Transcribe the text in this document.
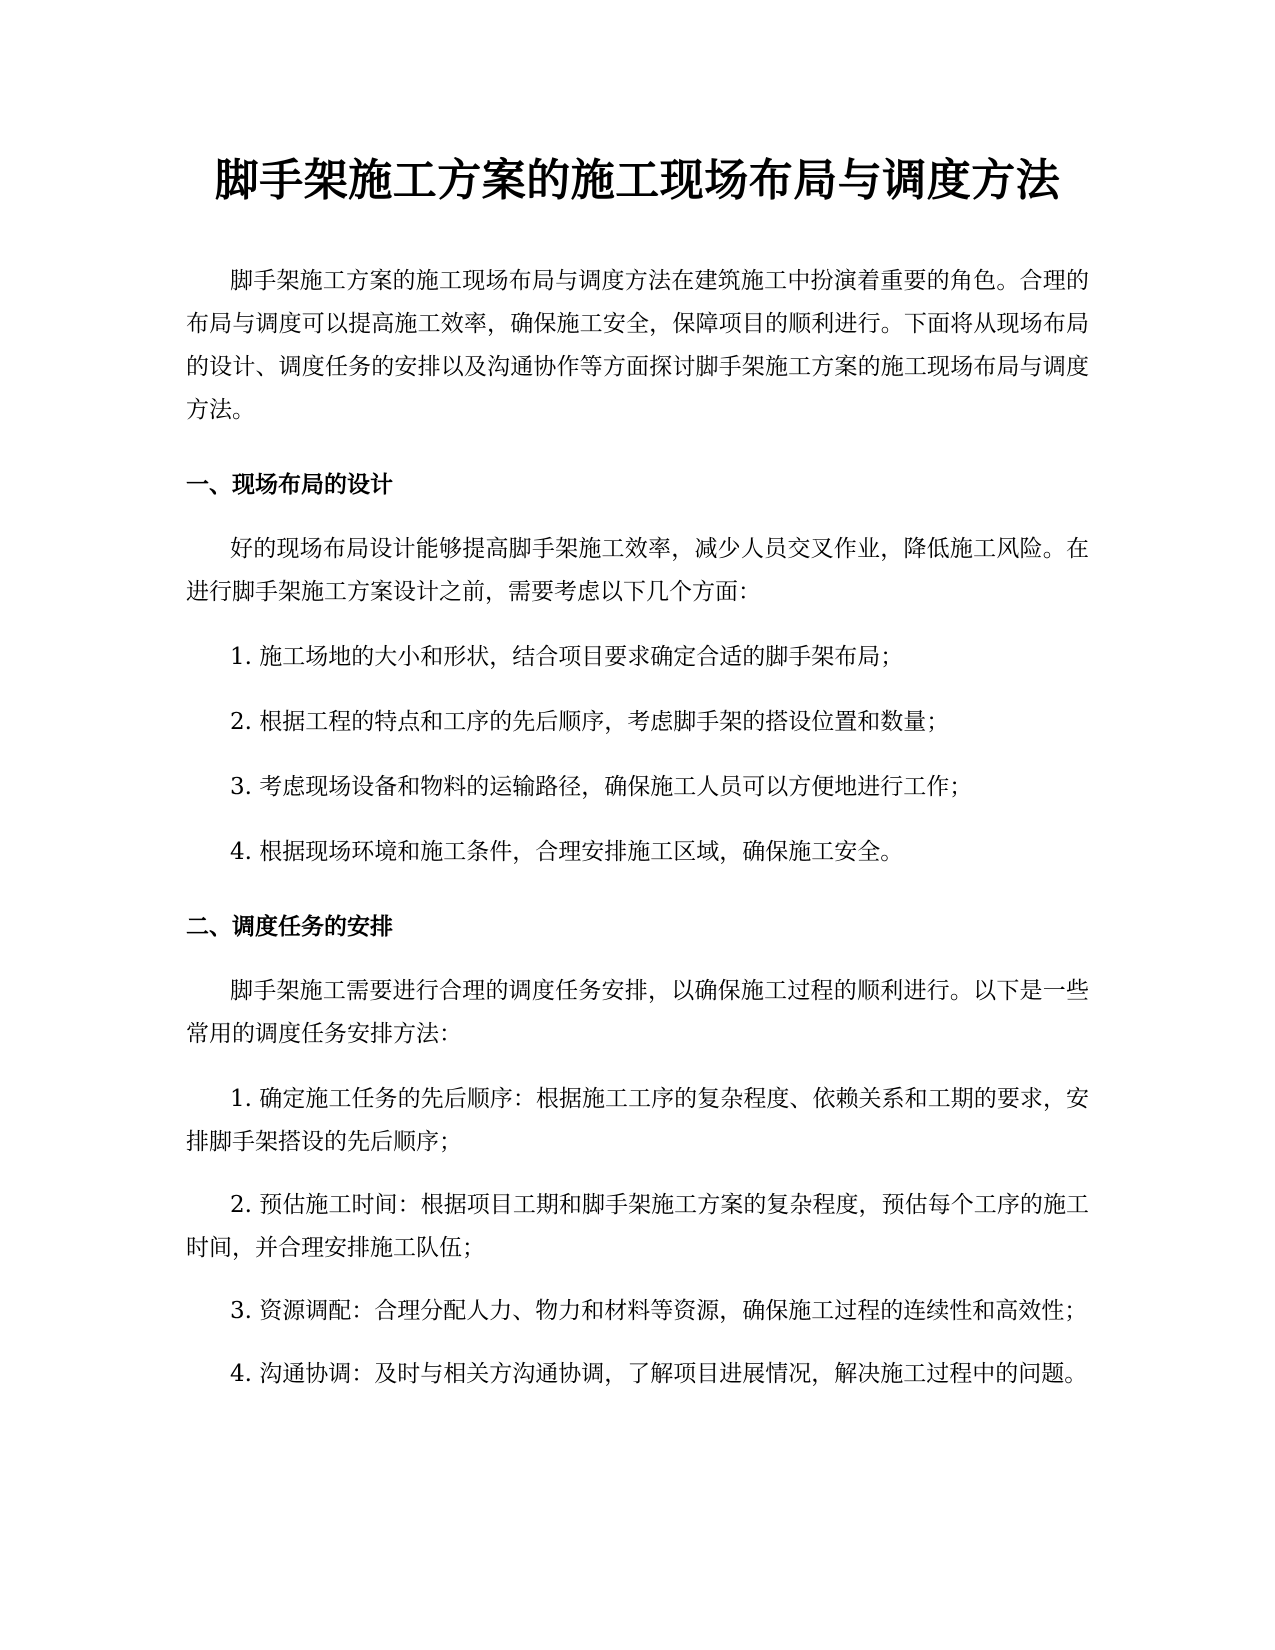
脚手架施工方案的施工现场布局与调度方法

脚手架施工方案的施工现场布局与调度方法在建筑施工中扮演着重要的角色。合理的布局与调度可以提高施工效率，确保施工安全，保障项目的顺利进行。下面将从现场布局的设计、调度任务的安排以及沟通协作等方面探讨脚手架施工方案的施工现场布局与调度方法。

一、现场布局的设计

好的现场布局设计能够提高脚手架施工效率，减少人员交叉作业，降低施工风险。在进行脚手架施工方案设计之前，需要考虑以下几个方面：

1. 施工场地的大小和形状，结合项目要求确定合适的脚手架布局；

2. 根据工程的特点和工序的先后顺序，考虑脚手架的搭设位置和数量；

3. 考虑现场设备和物料的运输路径，确保施工人员可以方便地进行工作；

4. 根据现场环境和施工条件，合理安排施工区域，确保施工安全。

二、调度任务的安排

脚手架施工需要进行合理的调度任务安排，以确保施工过程的顺利进行。以下是一些常用的调度任务安排方法：

1. 确定施工任务的先后顺序：根据施工工序的复杂程度、依赖关系和工期的要求，安排脚手架搭设的先后顺序；

2. 预估施工时间：根据项目工期和脚手架施工方案的复杂程度，预估每个工序的施工时间，并合理安排施工队伍；

3. 资源调配：合理分配人力、物力和材料等资源，确保施工过程的连续性和高效性；

4. 沟通协调：及时与相关方沟通协调，了解项目进展情况，解决施工过程中的问题。
